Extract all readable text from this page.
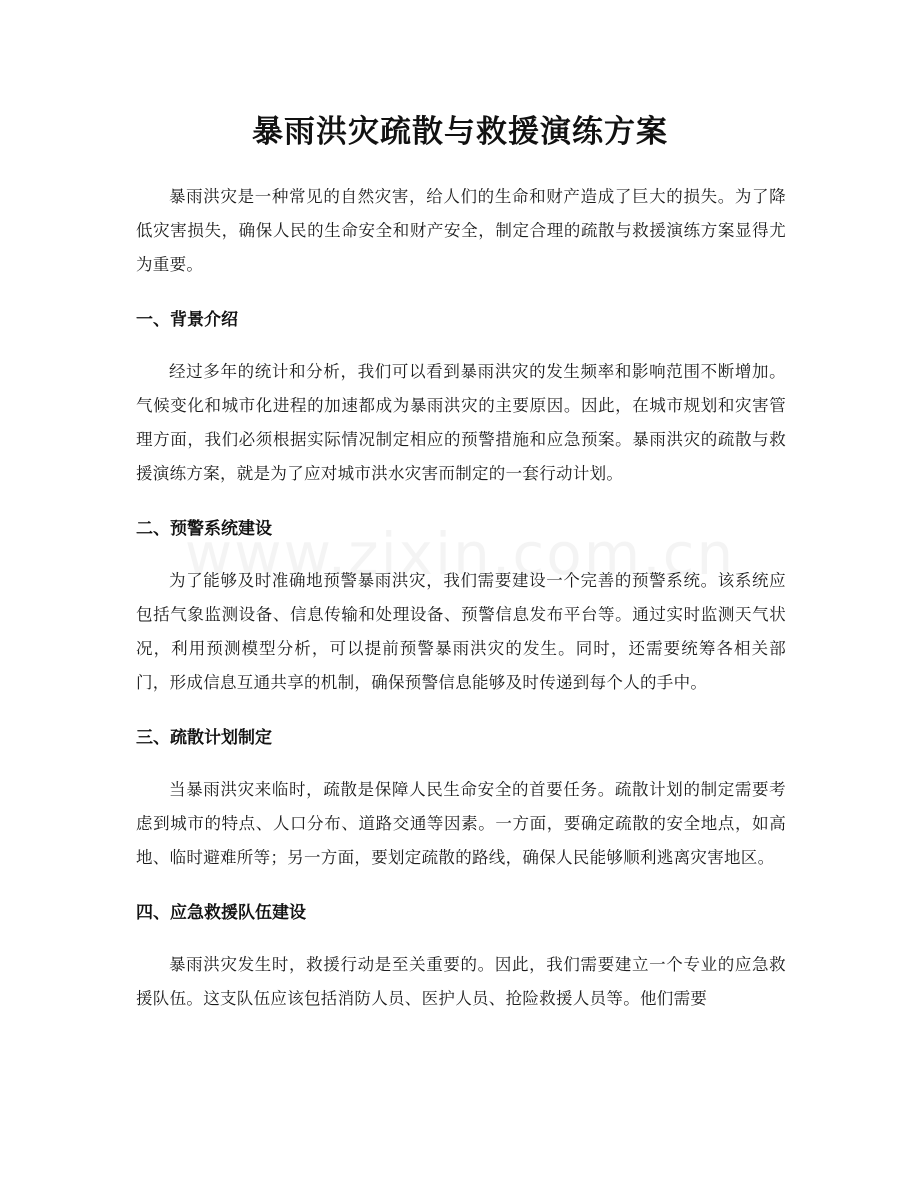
暴雨洪灾疏散与救援演练方案

暴雨洪灾是一种常见的自然灾害，给人们的生命和财产造成了巨大的损失。为了降低灾害损失，确保人民的生命安全和财产安全，制定合理的疏散与救援演练方案显得尤为重要。

一、背景介绍

经过多年的统计和分析，我们可以看到暴雨洪灾的发生频率和影响范围不断增加。气候变化和城市化进程的加速都成为暴雨洪灾的主要原因。因此，在城市规划和灾害管理方面，我们必须根据实际情况制定相应的预警措施和应急预案。暴雨洪灾的疏散与救援演练方案，就是为了应对城市洪水灾害而制定的一套行动计划。

二、预警系统建设

为了能够及时准确地预警暴雨洪灾，我们需要建设一个完善的预警系统。该系统应包括气象监测设备、信息传输和处理设备、预警信息发布平台等。通过实时监测天气状况，利用预测模型分析，可以提前预警暴雨洪灾的发生。同时，还需要统筹各相关部门，形成信息互通共享的机制，确保预警信息能够及时传递到每个人的手中。

三、疏散计划制定

当暴雨洪灾来临时，疏散是保障人民生命安全的首要任务。疏散计划的制定需要考虑到城市的特点、人口分布、道路交通等因素。一方面，要确定疏散的安全地点，如高地、临时避难所等；另一方面，要划定疏散的路线，确保人民能够顺利逃离灾害地区。

四、应急救援队伍建设

暴雨洪灾发生时，救援行动是至关重要的。因此，我们需要建立一个专业的应急救援队伍。这支队伍应该包括消防人员、医护人员、抢险救援人员等。他们需要
